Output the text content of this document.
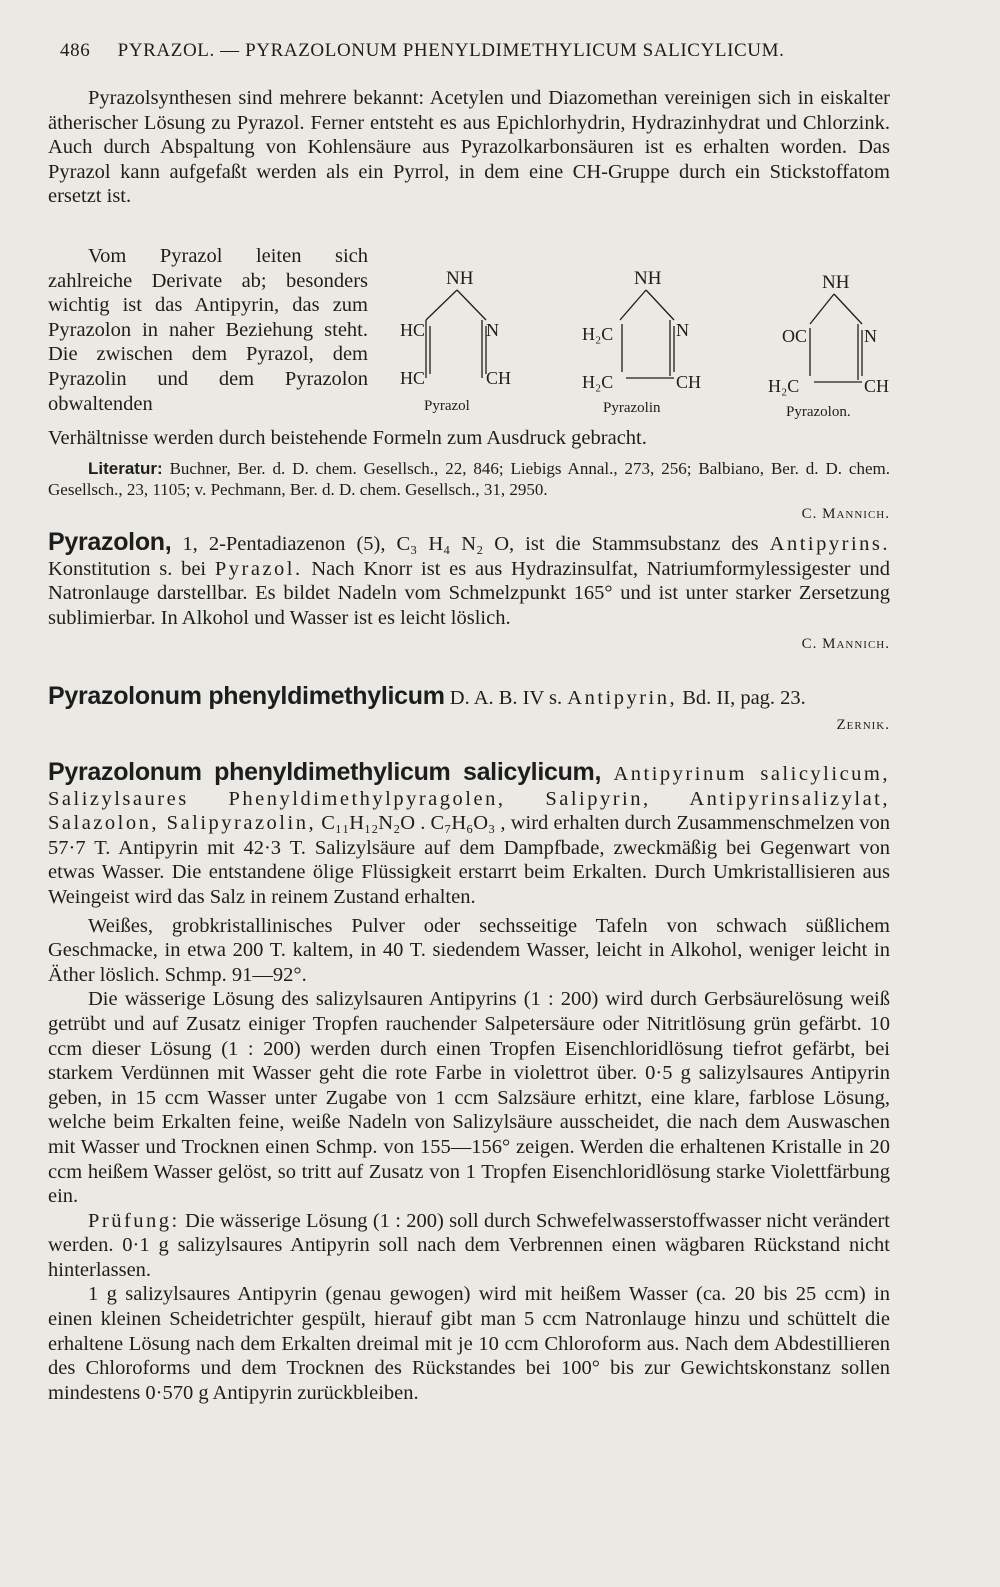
486 PYRAZOL. — PYRAZOLONUM PHENYLDIMETHYLICUM SALICYLICUM.

Pyrazolsynthesen sind mehrere bekannt: Acetylen und Diazomethan vereinigen sich in eiskalter ätherischer Lösung zu Pyrazol. Ferner entsteht es aus Epichlorhydrin, Hydrazinhydrat und Chlorzink. Auch durch Abspaltung von Kohlensäure aus Pyrazolkarbonsäuren ist es erhalten worden. Das Pyrazol kann aufgefaßt werden als ein Pyrrol, in dem eine CH-Gruppe durch ein Stickstoffatom ersetzt ist.

Vom Pyrazol leiten sich zahlreiche Derivate ab; besonders wichtig ist das Antipyrin, das zum Pyrazolon in naher Beziehung steht. Die zwischen dem Pyrazol, dem Pyrazolin und dem Pyrazolon obwaltenden

NH
HC	N
HC	CH
Pyrazol
NH
H₂C	N
H₂C	CH
Pyrazolin
NH
OC	N
H₂C	CH
Pyrazolon.
Verhältnisse werden durch beistehende Formeln zum Ausdruck gebracht.

Literatur: Buchner, Ber. d. D. chem. Gesellsch., 22, 846; Liebigs Annal., 273, 256; Balbiano, Ber. d. D. chem. Gesellsch., 23, 1105; v. Pechmann, Ber. d. D. chem. Gesellsch., 31, 2950.

C. Mannich.

Pyrazolon, 1, 2-Pentadiazenon (5), C₃ H₄ N₂ O, ist die Stammsubstanz des Antipyrins. Konstitution s. bei Pyrazol. Nach Knorr ist es aus Hydrazinsulfat, Natriumformylessigester und Natronlauge darstellbar. Es bildet Nadeln vom Schmelzpunkt 165° und ist unter starker Zersetzung sublimierbar. In Alkohol und Wasser ist es leicht löslich.

C. Mannich.

Pyrazolonum phenyldimethylicum D. A. B. IV s. Antipyrin, Bd. II, pag. 23.

Zernik.

Pyrazolonum phenyldimethylicum salicylicum, Antipyrinum salicylicum, Salizylsaures Phenyldimethylpyragolen, Salipyrin, Antipyrinsalizylat, Salazolon, Salipyrazolin, C₁₁H₁₂N₂O . C₇H₆O₃ , wird erhalten durch Zusammenschmelzen von 57·7 T. Antipyrin mit 42·3 T. Salizylsäure auf dem Dampfbade, zweckmäßig bei Gegenwart von etwas Wasser. Die entstandene ölige Flüssigkeit erstarrt beim Erkalten. Durch Umkristallisieren aus Weingeist wird das Salz in reinem Zustand erhalten.

Weißes, grobkristallinisches Pulver oder sechsseitige Tafeln von schwach süßlichem Geschmacke, in etwa 200 T. kaltem, in 40 T. siedendem Wasser, leicht in Alkohol, weniger leicht in Äther löslich. Schmp. 91—92°.

Die wässerige Lösung des salizylsauren Antipyrins (1 : 200) wird durch Gerbsäurelösung weiß getrübt und auf Zusatz einiger Tropfen rauchender Salpetersäure oder Nitritlösung grün gefärbt. 10 ccm dieser Lösung (1 : 200) werden durch einen Tropfen Eisenchloridlösung tiefrot gefärbt, bei starkem Verdünnen mit Wasser geht die rote Farbe in violettrot über. 0·5 g salizylsaures Antipyrin geben, in 15 ccm Wasser unter Zugabe von 1 ccm Salzsäure erhitzt, eine klare, farblose Lösung, welche beim Erkalten feine, weiße Nadeln von Salizylsäure ausscheidet, die nach dem Auswaschen mit Wasser und Trocknen einen Schmp. von 155—156° zeigen. Werden die erhaltenen Kristalle in 20 ccm heißem Wasser gelöst, so tritt auf Zusatz von 1 Tropfen Eisenchloridlösung starke Violettfärbung ein.

Prüfung: Die wässerige Lösung (1 : 200) soll durch Schwefelwasserstoffwasser nicht verändert werden. 0·1 g salizylsaures Antipyrin soll nach dem Verbrennen einen wägbaren Rückstand nicht hinterlassen.

1 g salizylsaures Antipyrin (genau gewogen) wird mit heißem Wasser (ca. 20 bis 25 ccm) in einen kleinen Scheidetrichter gespült, hierauf gibt man 5 ccm Natronlauge hinzu und schüttelt die erhaltene Lösung nach dem Erkalten dreimal mit je 10 ccm Chloroform aus. Nach dem Abdestillieren des Chloroforms und dem Trocknen des Rückstandes bei 100° bis zur Gewichtskonstanz sollen mindestens 0·570 g Antipyrin zurückbleiben.
